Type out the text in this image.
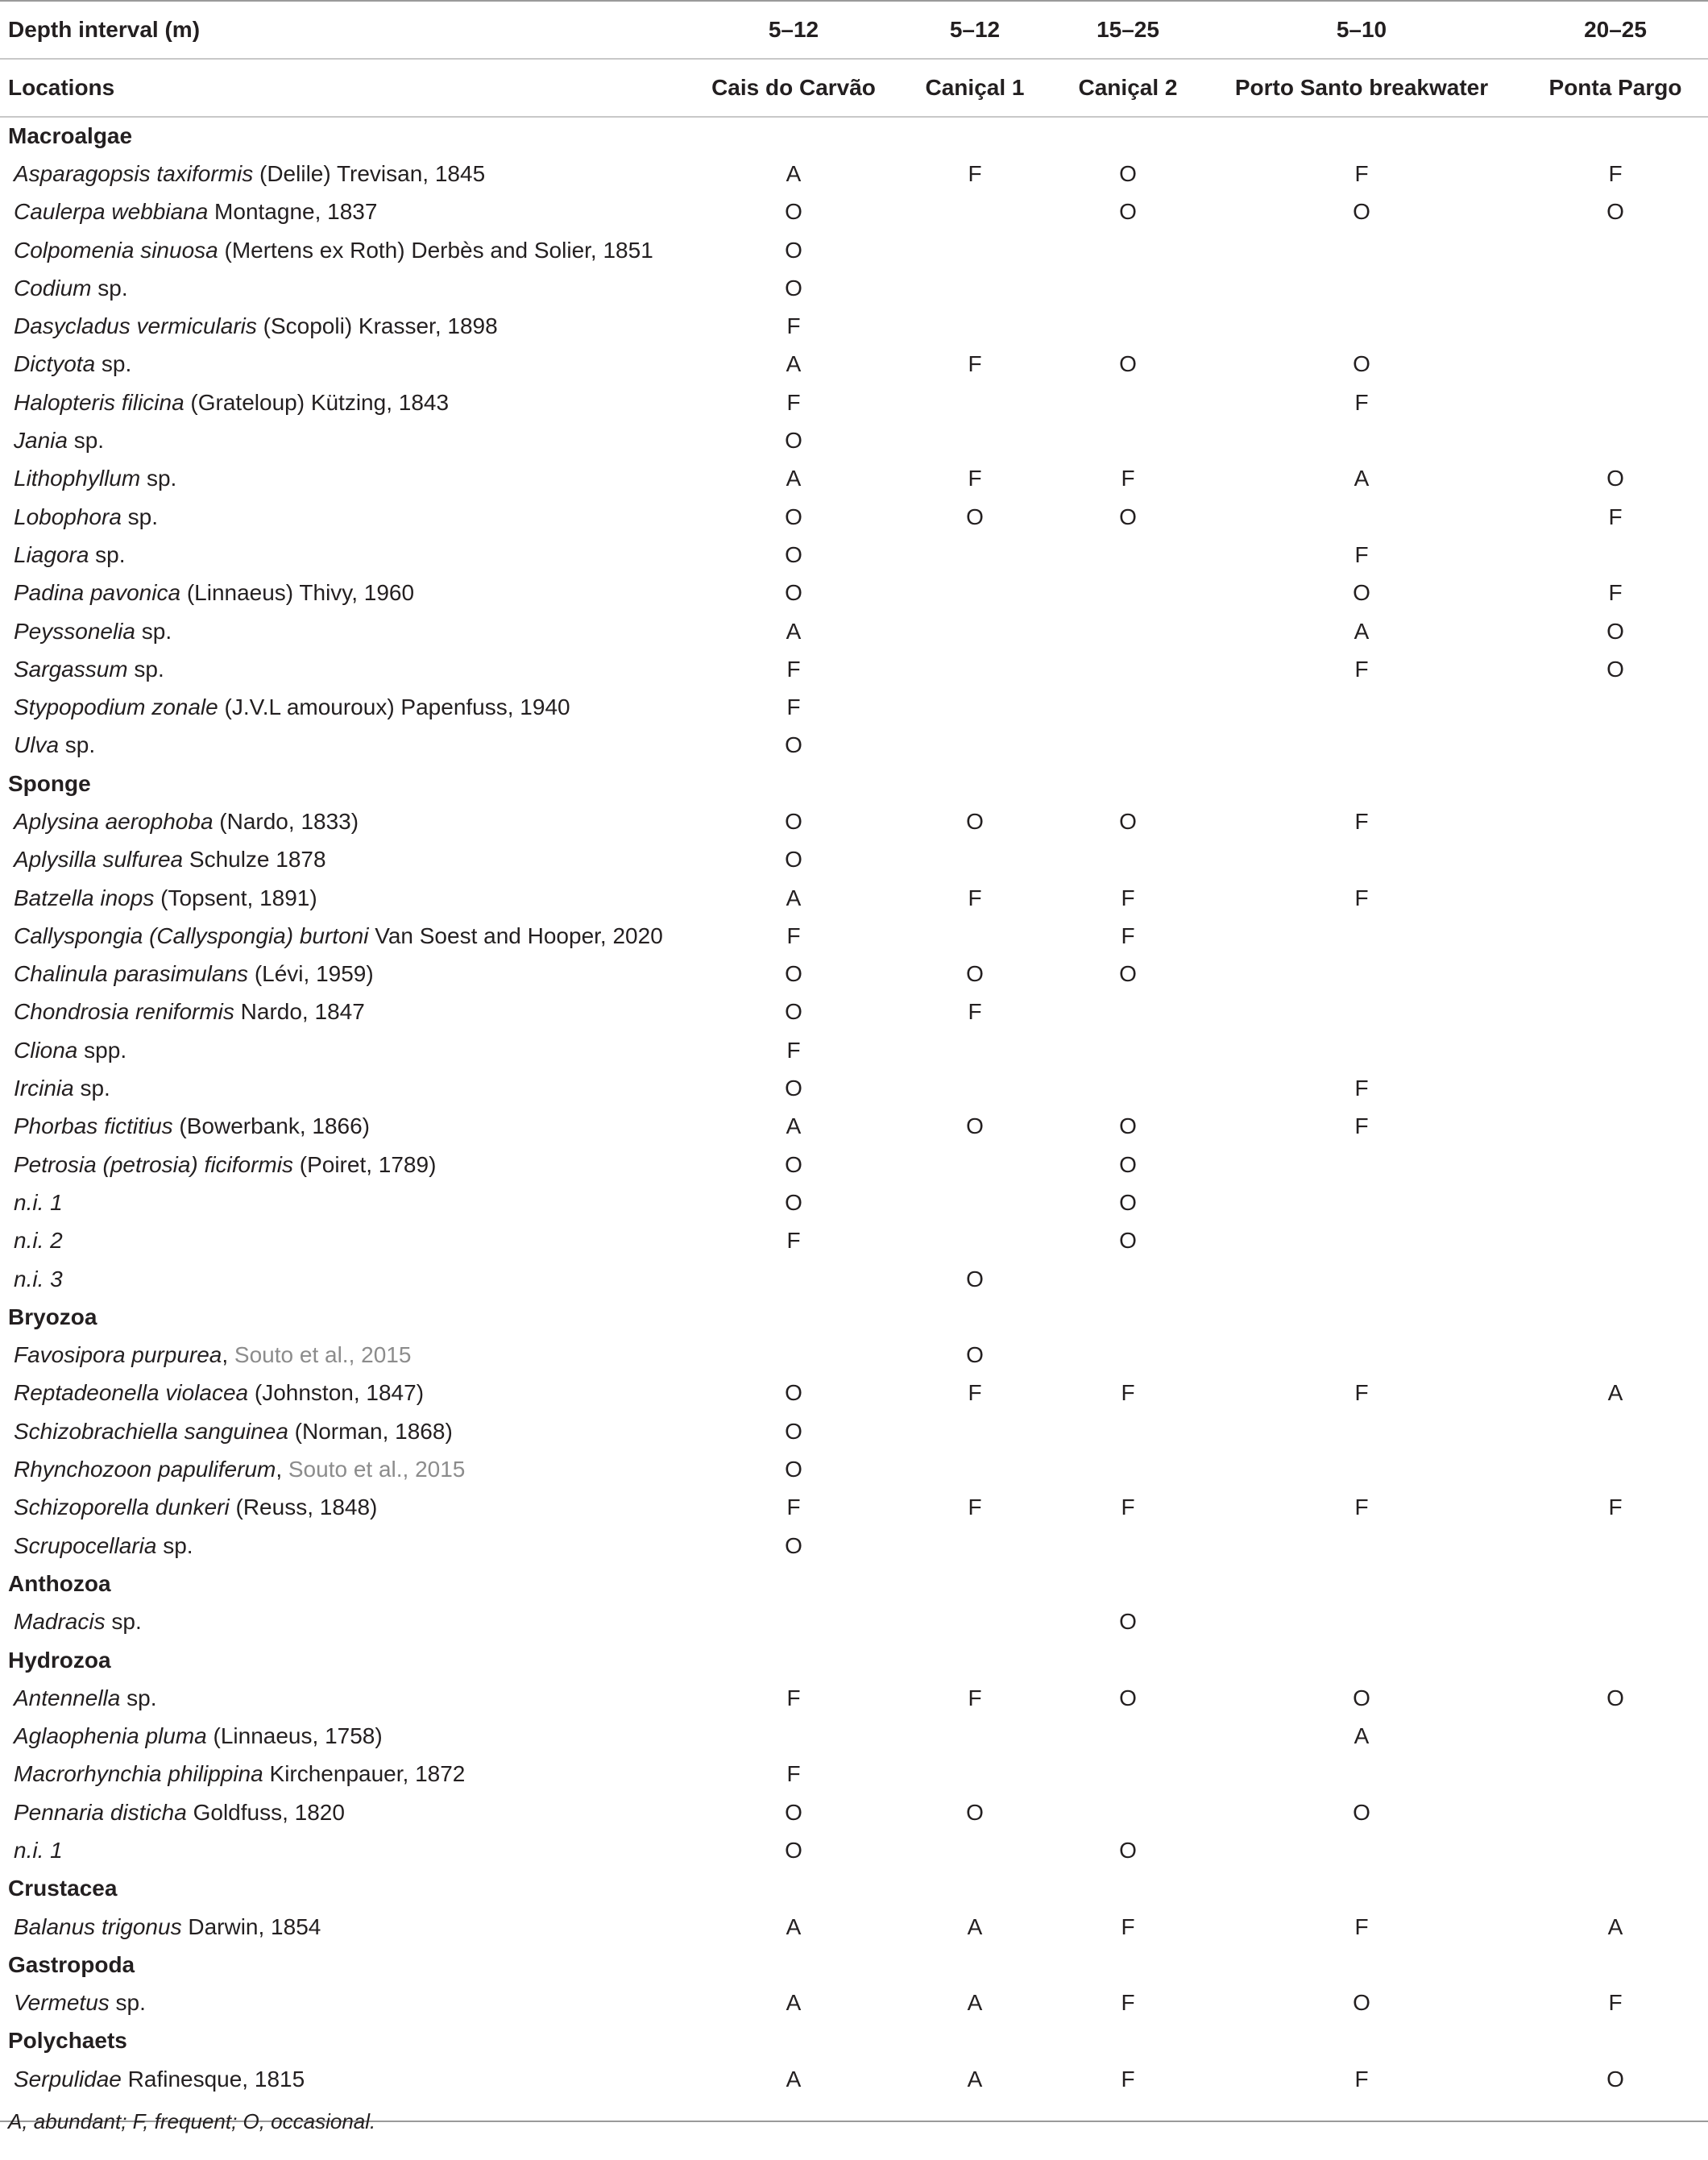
Depth interval (m)	5–12	5–12	15–25	5–10	20–25
Locations	Cais do Carvão	Caniçal 1	Caniçal 2	Porto Santo breakwater	Ponta Pargo
Macroalgae					
Asparagopsis taxiformis (Delile) Trevisan, 1845	A	F	O	F	F
Caulerpa webbiana Montagne, 1837	O		O	O	O
Colpomenia sinuosa (Mertens ex Roth) Derbès and Solier, 1851	O				
Codium sp.	O				
Dasycladus vermicularis (Scopoli) Krasser, 1898	F				
Dictyota sp.	A	F	O	O	
Halopteris filicina (Grateloup) Kützing, 1843	F			F	
Jania sp.	O				
Lithophyllum sp.	A	F	F	A	O
Lobophora sp.	O	O	O		F
Liagora sp.	O			F	
Padina pavonica (Linnaeus) Thivy, 1960	O			O	F
Peyssonelia sp.	A			A	O
Sargassum sp.	F			F	O
Stypopodium zonale (J.V.L amouroux) Papenfuss, 1940	F				
Ulva sp.	O				
Sponge					
Aplysina aerophoba (Nardo, 1833)	O	O	O	F	
Aplysilla sulfurea Schulze 1878	O				
Batzella inops (Topsent, 1891)	A	F	F	F	
Callyspongia (Callyspongia) burtoni Van Soest and Hooper, 2020	F		F		
Chalinula parasimulans (Lévi, 1959)	O	O	O		
Chondrosia reniformis Nardo, 1847	O	F			
Cliona spp.	F				
Ircinia sp.	O			F	
Phorbas fictitius (Bowerbank, 1866)	A	O	O	F	
Petrosia (petrosia) ficiformis (Poiret, 1789)	O		O		
n.i. 1	O		O		
n.i. 2	F		O		
n.i. 3		O			
Bryozoa					
Favosipora purpurea, Souto et al., 2015		O			
Reptadeonella violacea (Johnston, 1847)	O	F	F	F	A
Schizobrachiella sanguinea (Norman, 1868)	O				
Rhynchozoon papuliferum, Souto et al., 2015	O				
Schizoporella dunkeri (Reuss, 1848)	F	F	F	F	F
Scrupocellaria sp.	O				
Anthozoa					
Madracis sp.			O		
Hydrozoa					
Antennella sp.	F	F	O	O	O
Aglaophenia pluma (Linnaeus, 1758)				A	
Macrorhynchia philippina Kirchenpauer, 1872	F				
Pennaria disticha Goldfuss, 1820	O	O		O	
n.i. 1	O		O		
Crustacea					
Balanus trigonus Darwin, 1854	A	A	F	F	A
Gastropoda					
Vermetus sp.	A	A	F	O	F
Polychaets					
Serpulidae Rafinesque, 1815	A	A	F	F	O
A, abundant; F, frequent; O, occasional.
